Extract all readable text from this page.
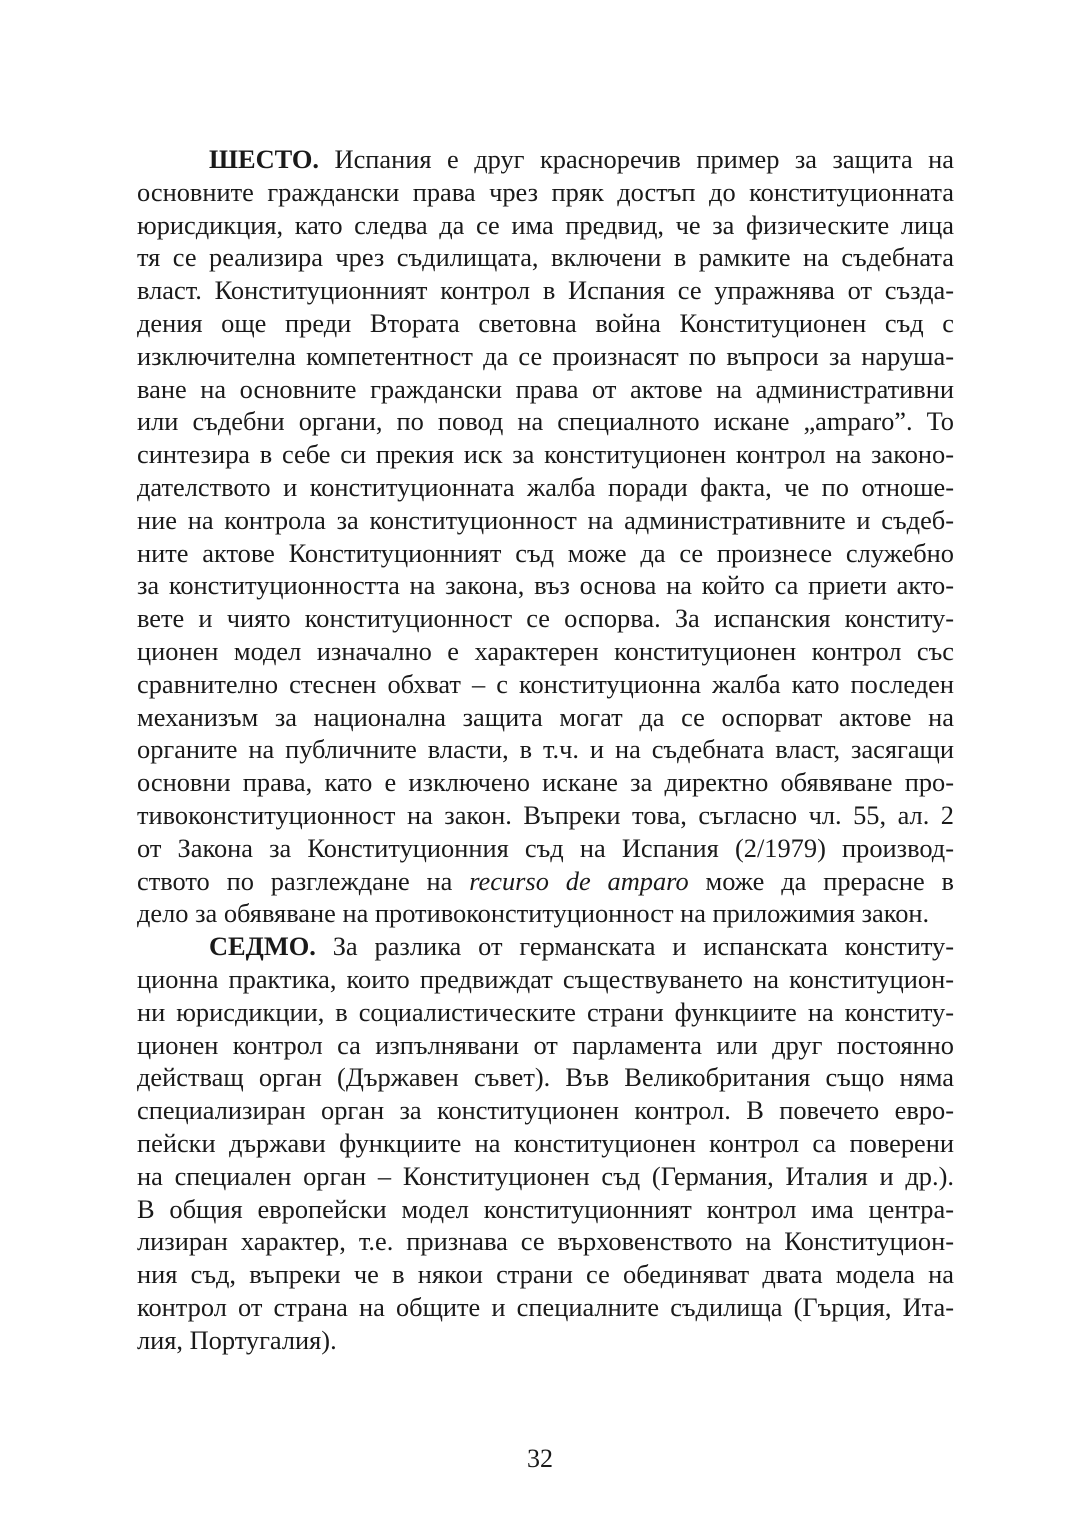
ШЕСТО. Испания е друг красноречив пример за защита на
основните граждански права чрез пряк достъп до конституционната
юрисдикция, като следва да се има предвид, че за физическите лица
тя се реализира чрез съдилищата, включени в рамките на съдебната
власт. Конституционният контрол в Испания се упражнява от създа-
дения още преди Втората световна война Конституционен съд с
изключителна компетентност да се произнасят по въпроси за наруша-
ване на основните граждански права от актове на административни
или съдебни органи, по повод на специалното искане „amparo”. То
синтезира в себе си прекия иск за конституционен контрол на законо-
дателството и конституционната жалба поради факта, че по отноше-
ние на контрола за конституционност на административните и съдеб-
ните актове Конституционният съд може да се произнесе служебно
за конституционността на закона, въз основа на който са приети акто-
вете и чиято конституционност се оспорва. За испанския конститу-
ционен модел изначално е характерен конституционен контрол със
сравнително стеснен обхват – с конституционна жалба като последен
механизъм за национална защита могат да се оспорват актове на
органите на публичните власти, в т.ч. и на съдебната власт, засягащи
основни права, като е изключено искане за директно обявяване про-
тивоконституционност на закон. Въпреки това, съгласно чл. 55, ал. 2
от Закона за Конституционния съд на Испания (2/1979) производ-
ството по разглеждане на recurso de amparo може да прерасне в
дело за обявяване на противоконституционност на приложимия закон.

СЕДМО. За разлика от германската и испанската конститу-
ционна практика, които предвиждат съществуването на конституцион-
ни юрисдикции, в социалистическите страни функциите на конститу-
ционен контрол са изпълнявани от парламента или друг постоянно
действащ орган (Държавен съвет). Във Великобритания също няма
специализиран орган за конституционен контрол. В повечето евро-
пейски държави функциите на конституционен контрол са поверени
на специален орган – Конституционен съд (Германия, Италия и др.).
В общия европейски модел конституционният контрол има центра-
лизиран характер, т.е. признава се върховенството на Конституцион-
ния съд, въпреки че в някои страни се обединяват двата модела на
контрол от страна на общите и специалните съдилища (Гърция, Ита-
лия, Португалия).

32
